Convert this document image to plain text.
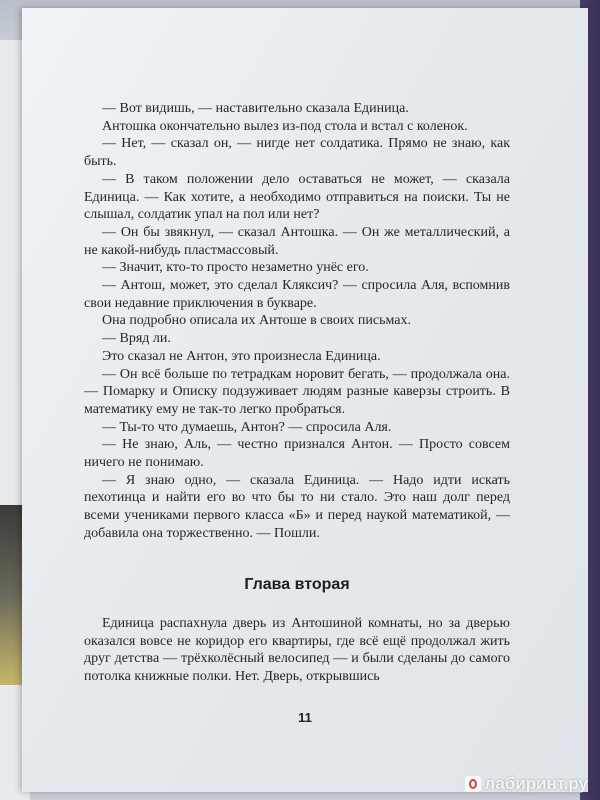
— Вот видишь, — наставительно сказала Единица.

Антошка окончательно вылез из-под стола и встал с коленок.

— Нет, — сказал он, — нигде нет солдатика. Прямо не знаю, как быть.

— В таком положении дело оставаться не может, — сказала Единица. — Как хотите, а необходимо отправиться на поиски. Ты не слышал, солдатик упал на пол или нет?

— Он бы звякнул, — сказал Антошка. — Он же металлический, а не какой-нибудь пластмассовый.

— Значит, кто-то просто незаметно унёс его.

— Антош, может, это сделал Кляксич? — спросила Аля, вспомнив свои недавние приключения в букваре.

Она подробно описала их Антоше в своих письмах.

— Вряд ли.

Это сказал не Антон, это произнесла Единица.

— Он всё больше по тетрадкам норовит бегать, — продолжала она. — Помарку и Описку подзуживает людям разные каверзы строить. В математику ему не так-то легко пробраться.

— Ты-то что думаешь, Антон? — спросила Аля.

— Не знаю, Аль, — честно признался Антон. — Просто совсем ничего не понимаю.

— Я знаю одно, — сказала Единица. — Надо идти искать пехотинца и найти его во что бы то ни стало. Это наш долг перед всеми учениками первого класса «Б» и перед наукой математикой, — добавила она торжественно. — Пошли.

Глава вторая

Единица распахнула дверь из Антошиной комнаты, но за дверью оказался вовсе не коридор его квартиры, где всё ещё продолжал жить друг детства — трёхколёсный велосипед — и были сделаны до самого потолка книжные полки. Нет. Дверь, открывшись

11
лабиринт.ру
